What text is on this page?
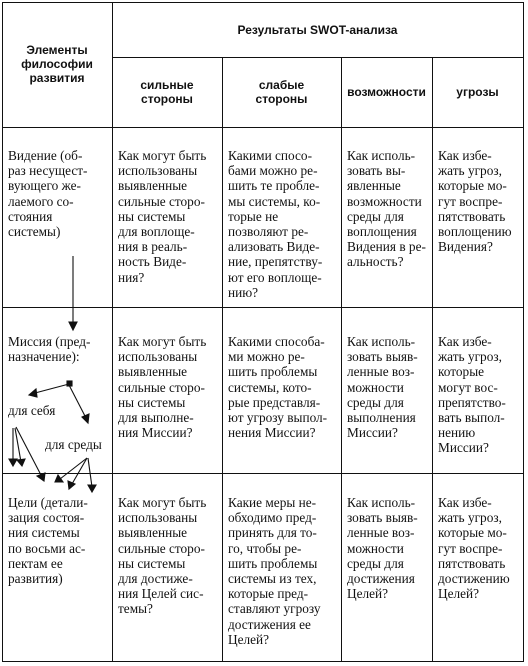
Элементы
философии
развития
Результаты SWOT-анализа
сильные
стороны
слабые
стороны	возможности	угрозы
Видение (об-
раз несущест-
вующего же-
лаемого со-
стояния
системы)
Как могут быть
использованы
выявленные
сильные сторо-
ны системы
для воплоще-
ния в реаль-
ность Виде-
ния?
Какими спосо-
бами можно ре-
шить те пробле-
мы системы, ко-
торые не
позволяют ре-
ализовать Виде-
ние, препятству-
ют его воплоще-
нию?
Как исполь-
зовать вы-
явленные
возможности
среды для
воплощения
Видения в ре-
альность?
Как избе-
жать угроз,
которые мо-
гут воспре-
пятствовать
воплощению
Видения?
Миссия (пред-
назначение):
для себя
для среды
Как могут быть
использованы
выявленные
сильные сторо-
ны системы
для выполне-
ния Миссии?
Какими способа-
ми можно ре-
шить проблемы
системы, кото-
рые представля-
ют угрозу выпол-
нения Миссии?
Как исполь-
зовать выяв-
ленные воз-
можности
среды для
выполнения
Миссии?
Как избе-
жать угроз,
которые
могут вос-
препятство-
вать выпол-
нению
Миссии?
Цели (детали-
зация состоя-
ния системы
по восьми ас-
пектам ее
развития)
Как могут быть
использованы
выявленные
сильные сторо-
ны системы
для достиже-
ния Целей сис-
темы?
Какие меры не-
обходимо пред-
принять для то-
го, чтобы ре-
шить проблемы
системы из тех,
которые пред-
ставляют угрозу
достижения ее
Целей?
Как исполь-
зовать выяв-
ленные воз-
можности
среды для
достижения
Целей?
Как избе-
жать угроз,
которые мо-
гут воспре-
пятствовать
достижению
Целей?
